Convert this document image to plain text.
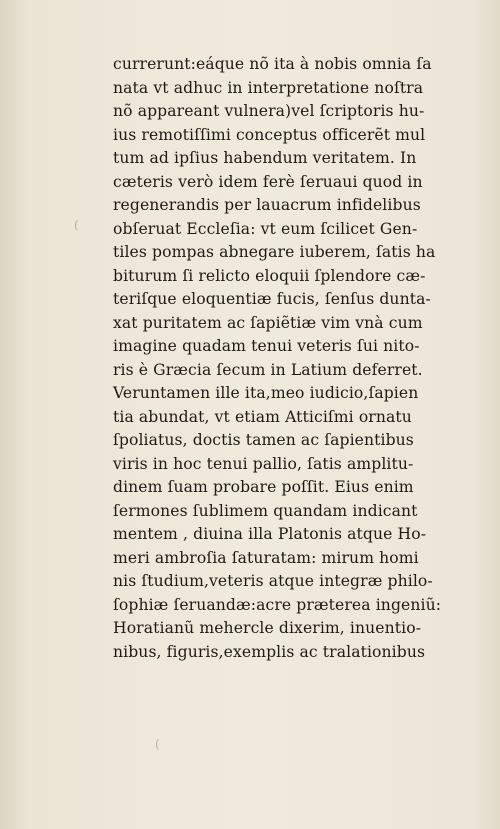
(
currerunt:eáque nõ ita à nobis omnia ſa
nata vt adhuc in interpretatione noſtra
nõ appareant vulnera)vel ſcriptoris hu-
ius remotiſſimi conceptus officerẽt mul
tum ad ipſius habendum veritatem. In
cæteris verò idem ferè ſeruaui quod in
regenerandis per lauacrum infidelibus
obſeruat Eccleſia: vt eum ſcilicet Gen-
tiles pompas abnegare iuberem, ſatis ha
biturum ſi relicto eloquii ſplendore cæ-
teriſque eloquentiæ fucis, ſenſus dunta-
xat puritatem ac ſapiẽtiæ vim vnà cum
imagine quadam tenui veteris ſui nito-
ris è Græcia ſecum in Latium deferret.
Veruntamen ille ita,meo iudicio,ſapien
tia abundat, vt etiam Atticiſmi ornatu
ſpoliatus, doctis tamen ac ſapientibus
viris in hoc tenui pallio, ſatis amplitu-
dinem ſuam probare poſſit. Eius enim
ſermones ſublimem quandam indicant
mentem , diuina illa Platonis atque Ho-
meri ambroſia ſaturatam: mirum homi
nis ſtudium,veteris atque integræ philo-
ſophiæ ſeruandæ:acre præterea ingeniũ:
Horatianũ mehercle dixerim, inuentio-
nibus, figuris,exemplis ac tralationibus
(
